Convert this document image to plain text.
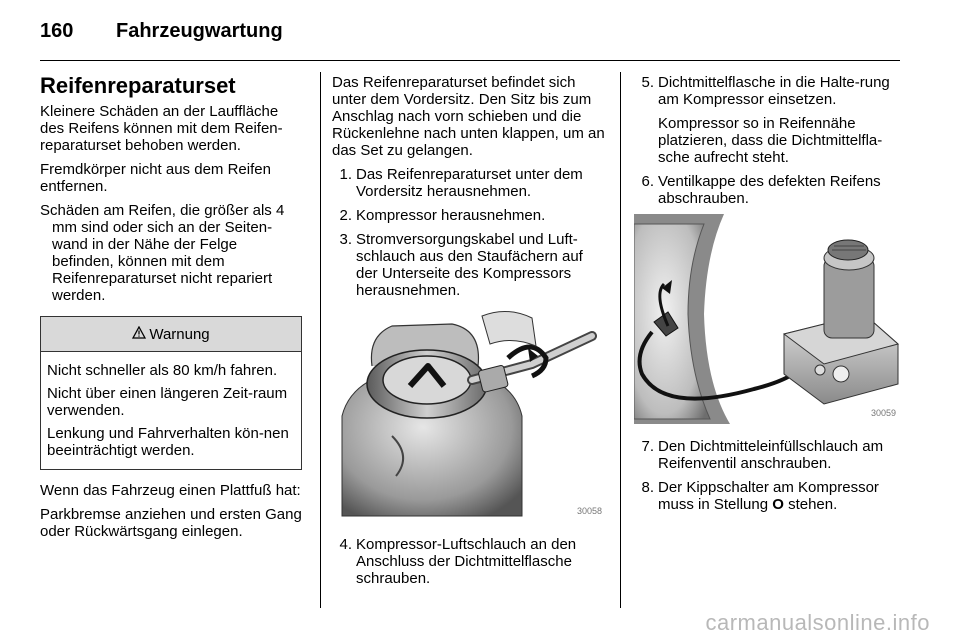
160 Fahrzeugwartung
Reifenreparaturset

Kleinere Schäden an der Lauffläche des Reifens können mit dem Reifen-reparaturset behoben werden.

Fremdkörper nicht aus dem Reifen entfernen.

Schäden am Reifen, die größer als 4 mm sind oder sich an der Seiten-wand in der Nähe der Felge befinden, können mit dem Reifenreparaturset nicht repariert werden.

Warnung

Nicht schneller als 80 km/h fahren.

Nicht über einen längeren Zeit-raum verwenden.

Lenkung und Fahrverhalten kön-nen beeinträchtigt werden.

Wenn das Fahrzeug einen Plattfuß hat:

Parkbremse anziehen und ersten Gang oder Rückwärtsgang einlegen.

Das Reifenreparaturset befindet sich unter dem Vordersitz. Den Sitz bis zum Anschlag nach vorn schieben und die Rückenlehne nach unten klappen, um an das Set zu gelangen.

1. Das Reifenreparaturset unter dem Vordersitz herausnehmen.
2. Kompressor herausnehmen.
3. Stromversorgungskabel und Luft-schlauch aus den Staufächern auf der Unterseite des Kompressors herausnehmen.
30058
4. Kompressor-Luftschlauch an den Anschluss der Dichtmittelflasche schrauben.
5. Dichtmittelflasche in die Halte-rung am Kompressor einsetzen.
Kompressor so in Reifennähe platzieren, dass die Dichtmittelfla-sche aufrecht steht.
6. Ventilkappe des defekten Reifens abschrauben.
30059
7. Den Dichtmitteleinfüllschlauch am Reifenventil anschrauben.
8. Der Kippschalter am Kompressor muss in Stellung O stehen.
carmanualsonline.info
